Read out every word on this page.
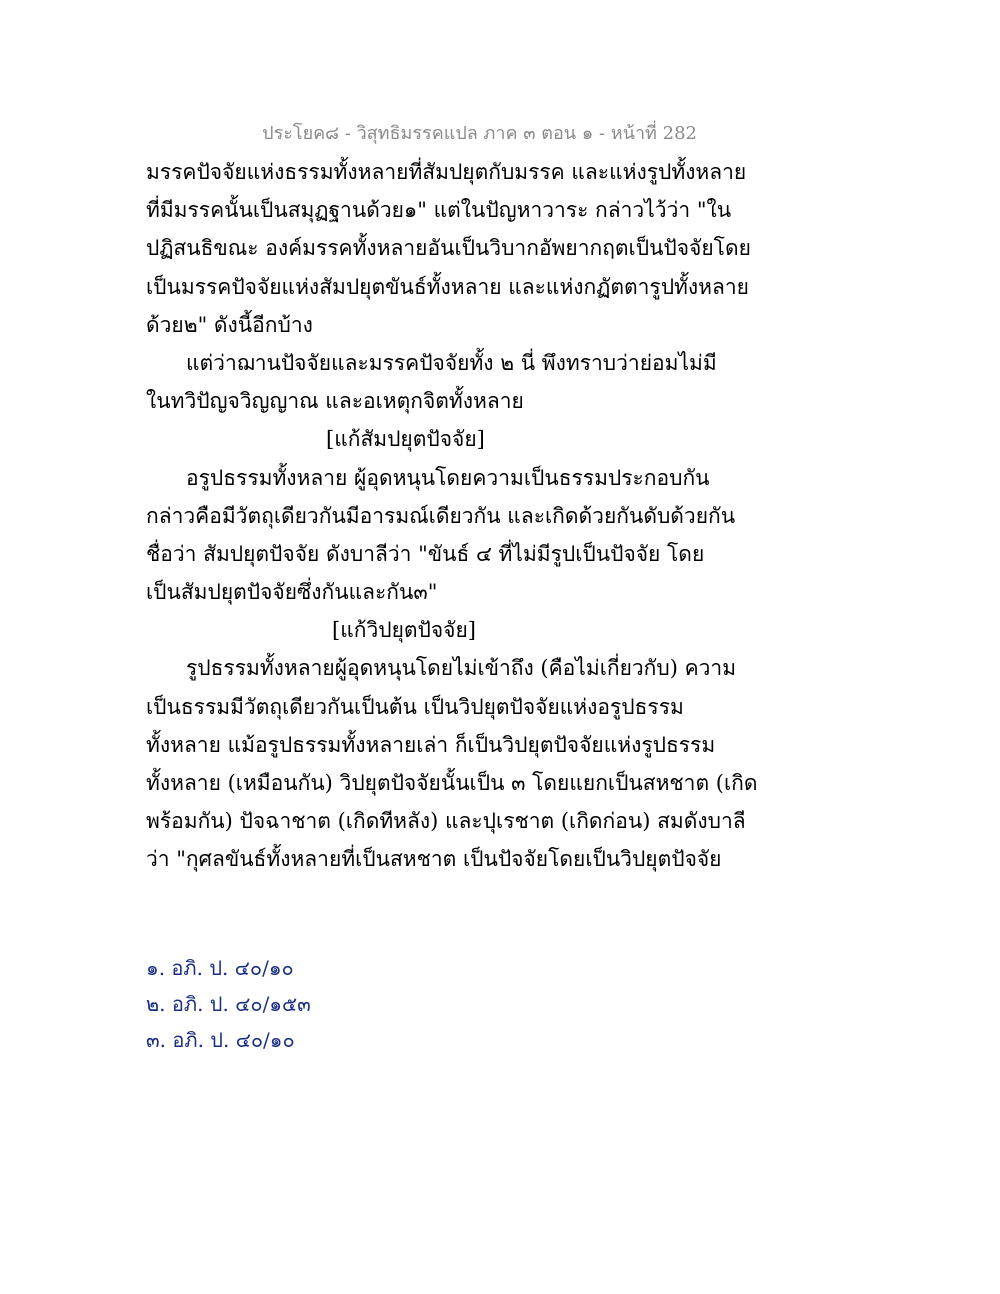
ประโยค๘ - วิสุทธิมรรคแปล ภาค ๓ ตอน ๑ - หน้าที่ 282
มรรคปัจจัยแห่งธรรมทั้งหลายที่สัมปยุตกับมรรค และแห่งรูปทั้งหลาย
ที่มีมรรคนั้นเป็นสมุฏฐานด้วย๑" แต่ในปัญหาวาระ กล่าวไว้ว่า "ใน
ปฏิสนธิขณะ องค์มรรคทั้งหลายอันเป็นวิบากอัพยากฤตเป็นปัจจัยโดย
เป็นมรรคปัจจัยแห่งสัมปยุตขันธ์ทั้งหลาย และแห่งกฏัตตารูปทั้งหลาย
ด้วย๒" ดังนี้อีกบ้าง
แต่ว่าฌานปัจจัยและมรรคปัจจัยทั้ง ๒ นี่ พึงทราบว่าย่อมไม่มี
ในทวิปัญจวิญญาณ และอเหตุกจิตทั้งหลาย
[แก้สัมปยุตปัจจัย]
อรูปธรรมทั้งหลาย ผู้อุดหนุนโดยความเป็นธรรมประกอบกัน
กล่าวคือมีวัตถุเดียวกันมีอารมณ์เดียวกัน และเกิดด้วยกันดับด้วยกัน
ชื่อว่า สัมปยุตปัจจัย ดังบาลีว่า "ขันธ์ ๔ ที่ไม่มีรูปเป็นปัจจัย โดย
เป็นสัมปยุตปัจจัยซึ่งกันและกัน๓"
[แก้วิปยุตปัจจัย]
รูปธรรมทั้งหลายผู้อุดหนุนโดยไม่เข้าถึง (คือไม่เกี่ยวกับ) ความ
เป็นธรรมมีวัตถุเดียวกันเป็นต้น เป็นวิปยุตปัจจัยแห่งอรูปธรรม
ทั้งหลาย แม้อรูปธรรมทั้งหลายเล่า ก็เป็นวิปยุตปัจจัยแห่งรูปธรรม
ทั้งหลาย (เหมือนกัน) วิปยุตปัจจัยนั้นเป็น ๓ โดยแยกเป็นสหชาต (เกิด
พร้อมกัน) ปัจฉาชาต (เกิดทีหลัง) และปุเรชาต (เกิดก่อน) สมดังบาลี
ว่า "กุศลขันธ์ทั้งหลายที่เป็นสหชาต เป็นปัจจัยโดยเป็นวิปยุตปัจจัย
๑. อภิ. ป. ๔๐/๑๐
๒. อภิ. ป. ๔๐/๑๕๓
๓. อภิ. ป. ๔๐/๑๐
